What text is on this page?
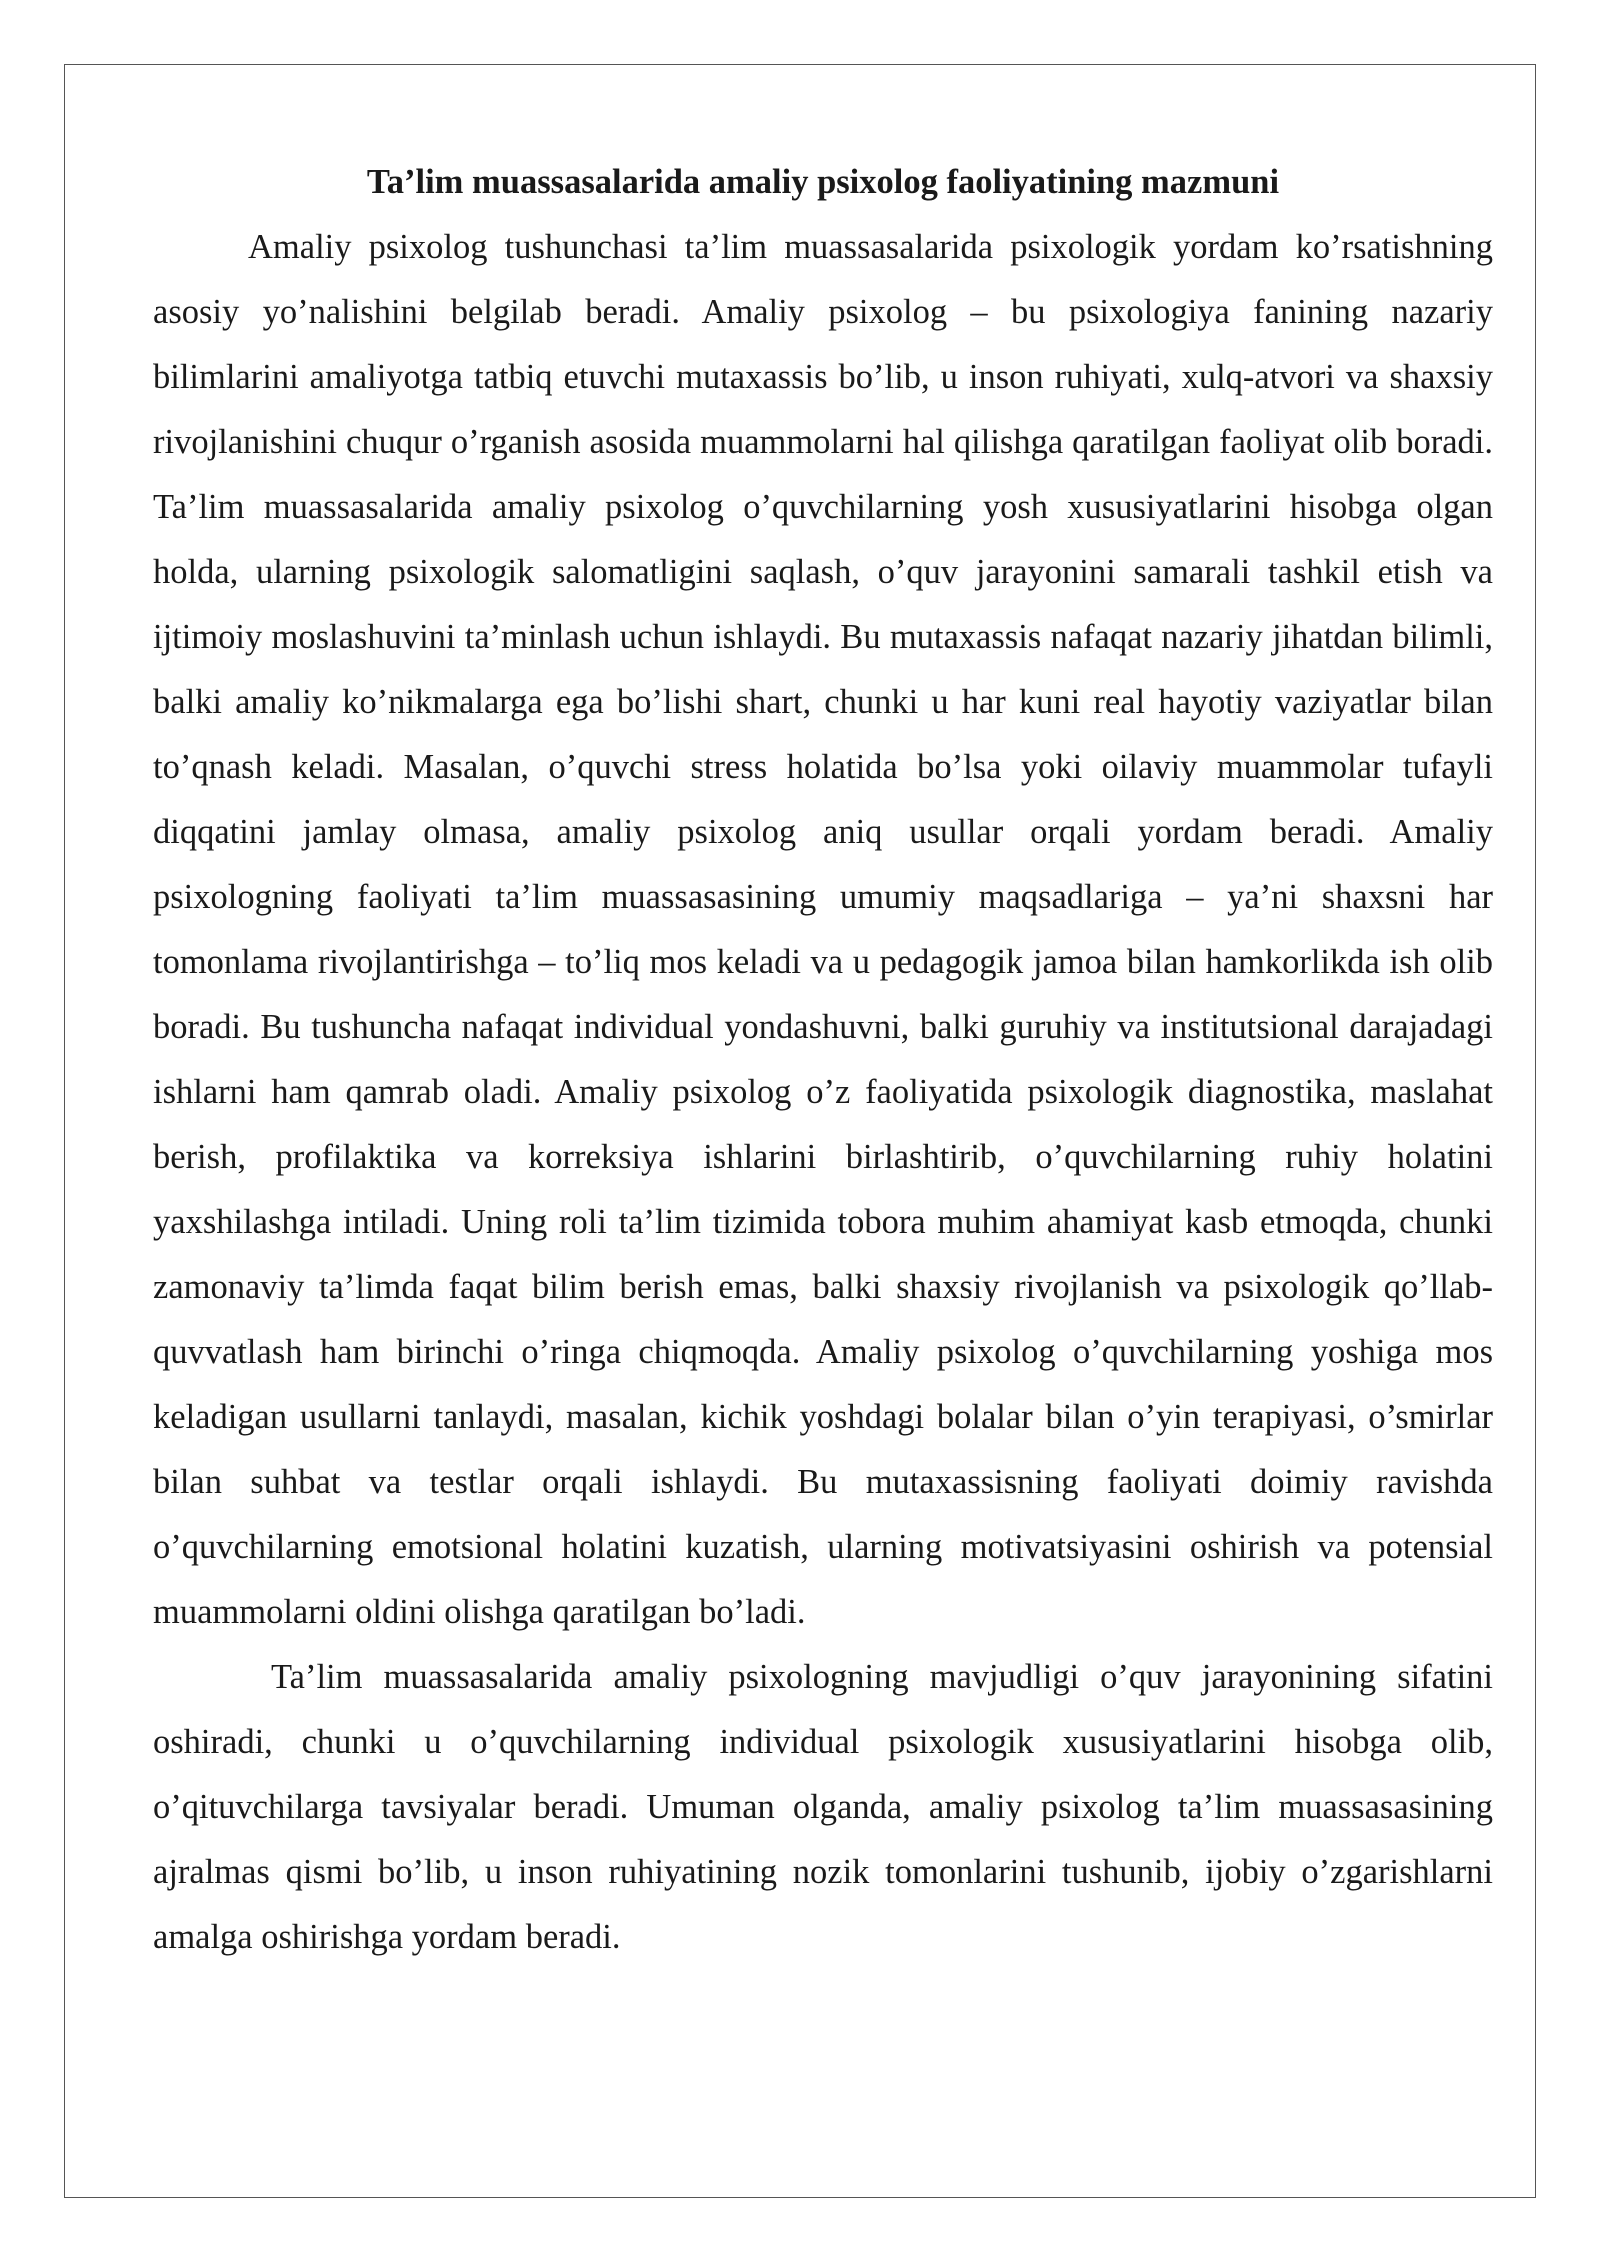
Ta’lim muassasalarida amaliy psixolog faoliyatining mazmuni

Amaliy psixolog tushunchasi ta’lim muassasalarida psixologik yordam ko’rsatishning asosiy yo’nalishini belgilab beradi. Amaliy psixolog – bu psixologiya fanining nazariy bilimlarini amaliyotga tatbiq etuvchi mutaxassis bo’lib, u inson ruhiyati, xulq-atvori va shaxsiy rivojlanishini chuqur o’rganish asosida muammolarni hal qilishga qaratilgan faoliyat olib boradi. Ta’lim muassasalarida amaliy psixolog o’quvchilarning yosh xususiyatlarini hisobga olgan holda, ularning psixologik salomatligini saqlash, o’quv jarayonini samarali tashkil etish va ijtimoiy moslashuvini ta’minlash uchun ishlaydi. Bu mutaxassis nafaqat nazariy jihatdan bilimli, balki amaliy ko’nikmalarga ega bo’lishi shart, chunki u har kuni real hayotiy vaziyatlar bilan to’qnash keladi. Masalan, o’quvchi stress holatida bo’lsa yoki oilaviy muammolar tufayli diqqatini jamlay olmasa, amaliy psixolog aniq usullar orqali yordam beradi. Amaliy psixologning faoliyati ta’lim muassasasining umumiy maqsadlariga – ya’ni shaxsni har tomonlama rivojlantirishga – to’liq mos keladi va u pedagogik jamoa bilan hamkorlikda ish olib boradi. Bu tushuncha nafaqat individual yondashuvni, balki guruhiy va institutsional darajadagi ishlarni ham qamrab oladi. Amaliy psixolog o’z faoliyatida psixologik diagnostika, maslahat berish, profilaktika va korreksiya ishlarini birlashtirib, o’quvchilarning ruhiy holatini yaxshilashga intiladi. Uning roli ta’lim tizimida tobora muhim ahamiyat kasb etmoqda, chunki zamonaviy ta’limda faqat bilim berish emas, balki shaxsiy rivojlanish va psixologik qo’llab-quvvatlash ham birinchi o’ringa chiqmoqda. Amaliy psixolog o’quvchilarning yoshiga mos keladigan usullarni tanlaydi, masalan, kichik yoshdagi bolalar bilan o’yin terapiyasi, o’smirlar bilan suhbat va testlar orqali ishlaydi. Bu mutaxassisning faoliyati doimiy ravishda o’quvchilarning emotsional holatini kuzatish, ularning motivatsiyasini oshirish va potensial muammolarni oldini olishga qaratilgan bo’ladi.

Ta’lim muassasalarida amaliy psixologning mavjudligi o’quv jarayonining sifatini oshiradi, chunki u o’quvchilarning individual psixologik xususiyatlarini hisobga olib, o’qituvchilarga tavsiyalar beradi. Umuman olganda, amaliy psixolog ta’lim muassasasining ajralmas qismi bo’lib, u inson ruhiyatining nozik tomonlarini tushunib, ijobiy o’zgarishlarni amalga oshirishga yordam beradi.
